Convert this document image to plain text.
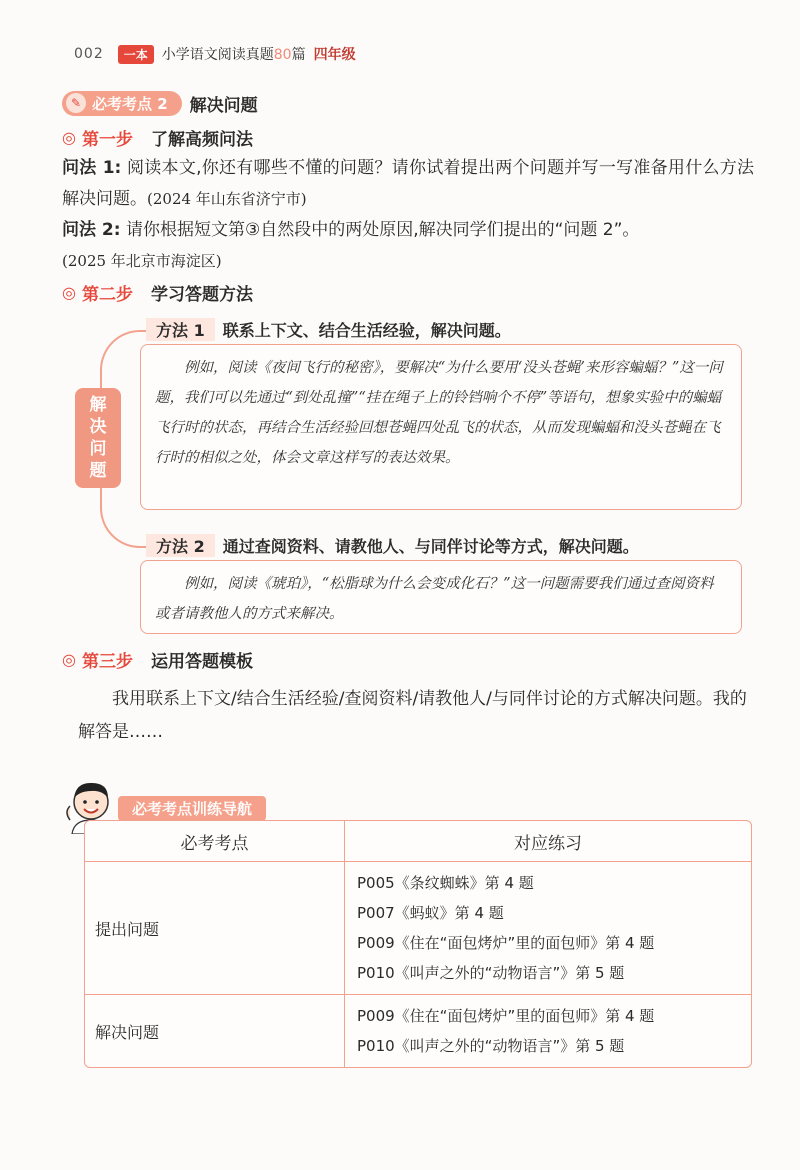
002	一本	小学语文阅读真题80篇 四年级
✎ 必考考点 2	解决问题
◎ 第一步 了解高频问法
问法 1: 阅读本文,你还有哪些不懂的问题？请你试着提出两个问题并写一写准备用什么方法解决问题。(2024 年山东省济宁市)
问法 2: 请你根据短文第③自然段中的两处原因,解决同学们提出的“问题 2”。
(2025 年北京市海淀区)
◎ 第二步 学习答题方法
解
决
问
题
方法 1	联系上下文、结合生活经验，解决问题。
例如，阅读《夜间飞行的秘密》，要解决“为什么要用‘没头苍蝇’来形容蝙蝠？”这一问题，我们可以先通过“到处乱撞”“挂在绳子上的铃铛响个不停”等语句，想象实验中的蝙蝠飞行时的状态，再结合生活经验回想苍蝇四处乱飞的状态，从而发现蝙蝠和没头苍蝇在飞行时的相似之处，体会文章这样写的表达效果。
方法 2	通过查阅资料、请教他人、与同伴讨论等方式，解决问题。
例如，阅读《琥珀》，“松脂球为什么会变成化石？”这一问题需要我们通过查阅资料或者请教他人的方式来解决。
◎ 第三步 运用答题模板
我用联系上下文/结合生活经验/查阅资料/请教他人/与同伴讨论的方式解决问题。我的解答是……
必考考点训练导航
必考考点	对应练习
提出问题	P005《条纹蜘蛛》第 4 题
P007《蚂蚁》第 4 题
P009《住在“面包烤炉”里的面包师》第 4 题
P010《叫声之外的“动物语言”》第 5 题

解决问题	P009《住在“面包烤炉”里的面包师》第 4 题
P010《叫声之外的“动物语言”》第 5 题
